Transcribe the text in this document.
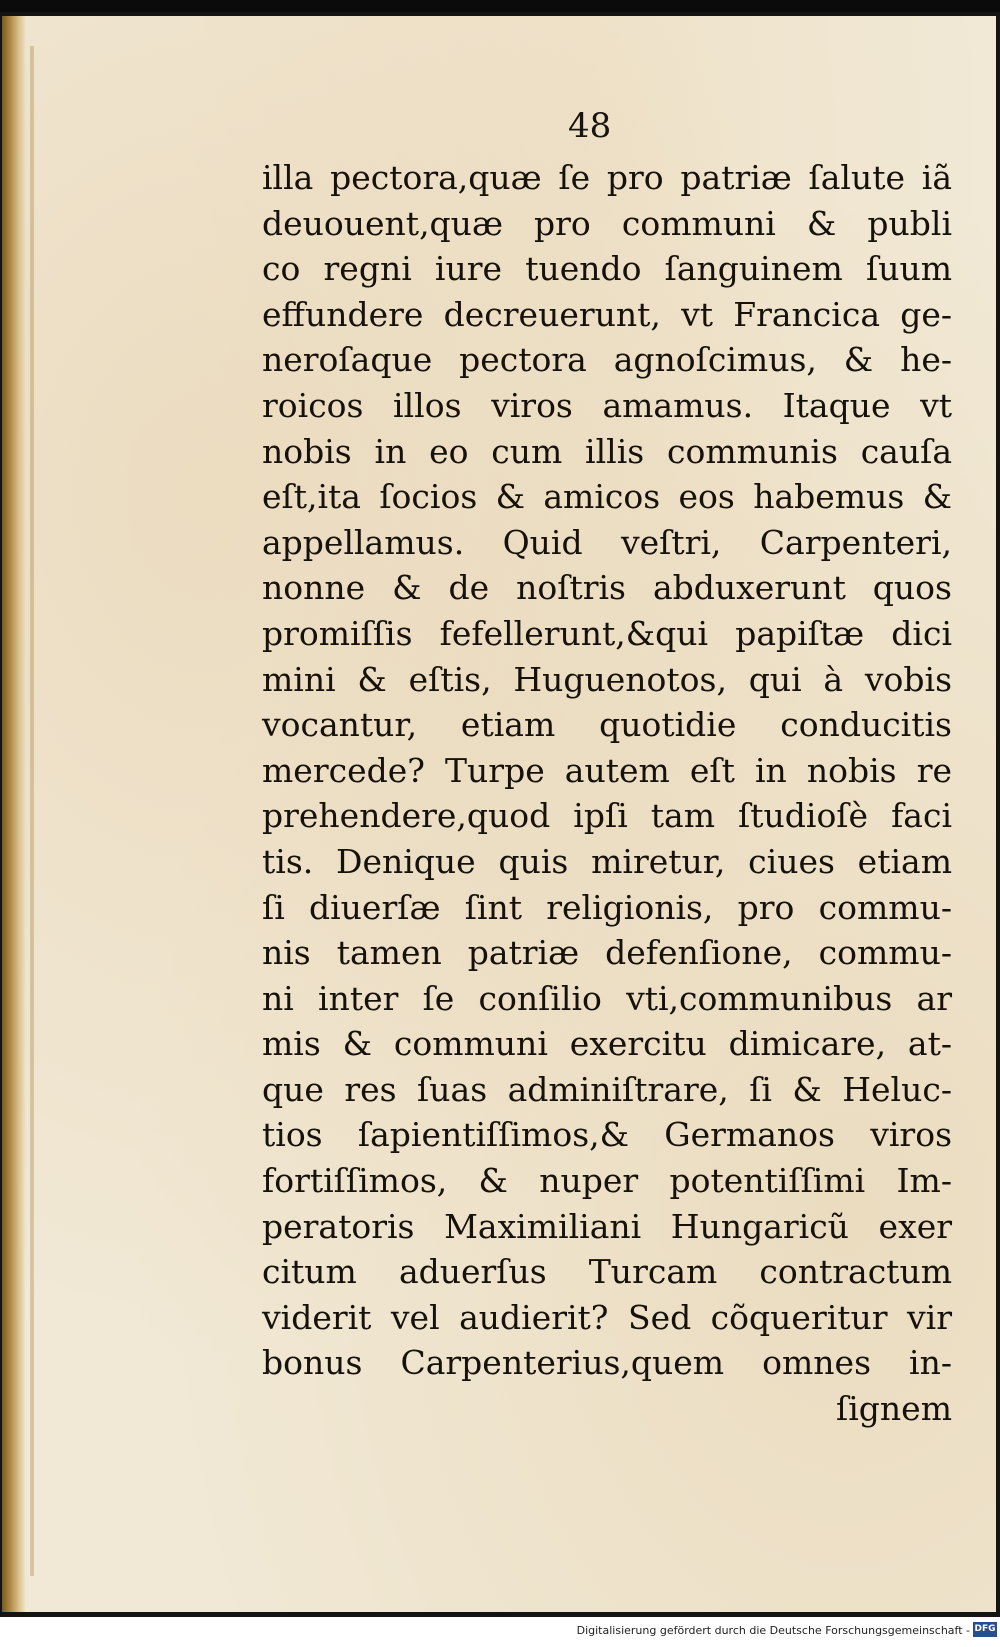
48
illa pectora,quæ ſe pro patriæ ſalute iã
deuouent,quæ pro communi & publi
co regni iure tuendo ſanguinem ſuum
effundere decreuerunt, vt Francica ge-
neroſaque pectora agnoſcimus, & he-
roicos illos viros amamus. Itaque vt
nobis in eo cum illis communis cauſa
eſt,ita ſocios & amicos eos habemus &
appellamus. Quid veſtri, Carpenteri,
nonne & de noſtris abduxerunt quos
promiſſis fefellerunt,&qui papiſtæ dici
mini & eſtis, Huguenotos, qui à vobis
vocantur, etiam quotidie conducitis
mercede? Turpe autem eſt in nobis re
prehendere,quod ipſi tam ſtudioſè faci
tis. Denique quis miretur, ciues etiam
ſi diuerſæ ſint religionis, pro commu-
nis tamen patriæ defenſione, commu-
ni inter ſe conſilio vti,communibus ar
mis & communi exercitu dimicare, at-
que res ſuas adminiſtrare, ſi & Heluc-
tios ſapientiſſimos,& Germanos viros
fortiſſimos, & nuper potentiſſimi Im-
peratoris Maximiliani Hungaricũ exer
citum aduerſus Turcam contractum
viderit vel audierit? Sed cõqueritur vir
bonus Carpenterius,quem omnes in-
ſignem
Digitalisierung gefördert durch die Deutsche Forschungsgemeinschaft - DFG
